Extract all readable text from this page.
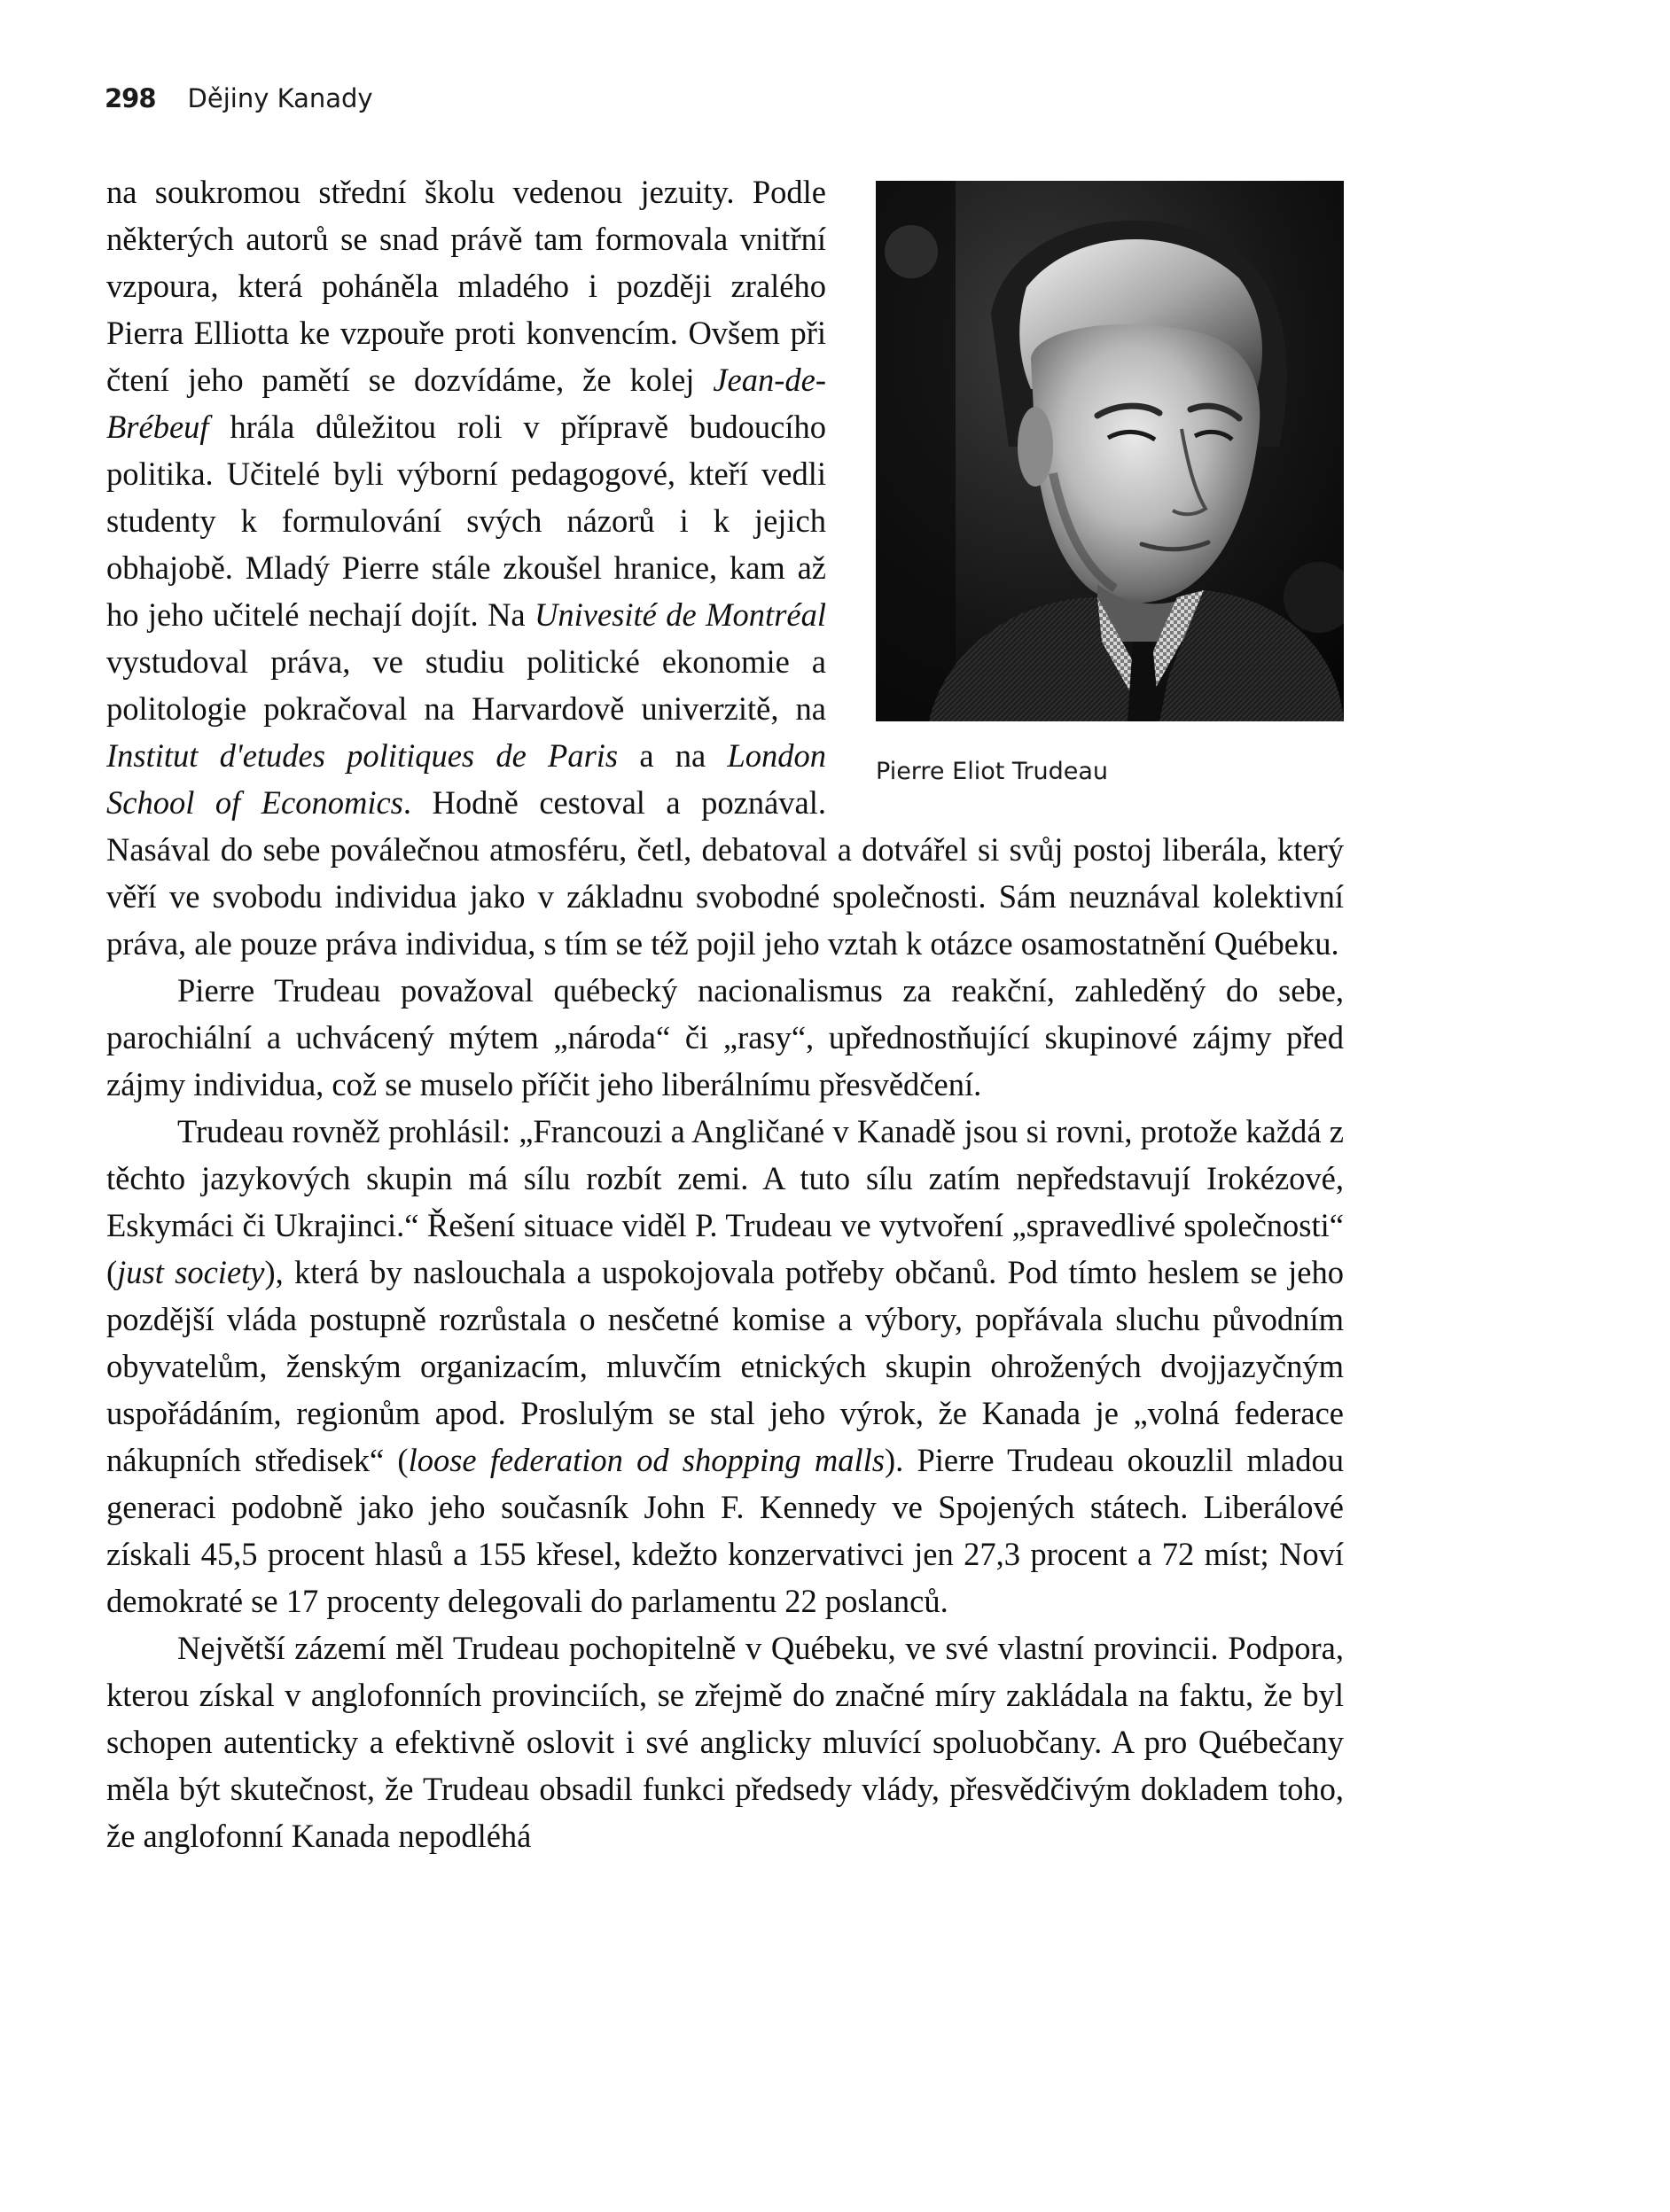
298 Dějiny Kanady
Pierre Eliot Trudeau

na soukromou střední školu vedenou jezuity. Podle některých autorů se snad právě tam formovala vnitřní vzpoura, která poháněla mladého i později zralého Pierra Elliotta ke vzpouře proti konvencím. Ovšem při čtení jeho pamětí se dozvídáme, že kolej Jean-de-Brébeuf hrála důležitou roli v přípravě budoucího politika. Učitelé byli výborní pedagogové, kteří vedli studenty k formulování svých názorů i k jejich obhajobě. Mladý Pierre stále zkoušel hranice, kam až ho jeho učitelé nechají dojít. Na Univesité de Montréal vystudoval práva, ve studiu politické ekonomie a politologie pokračoval na Harvardově univerzitě, na Institut d'etudes politiques de Paris a na London School of Economics. Hodně cestoval a poznával. Nasával do sebe poválečnou atmosféru, četl, debatoval a dotvářel si svůj postoj liberála, který věří ve svobodu individua jako v základnu svobodné společnosti. Sám neuznával kolektivní práva, ale pouze práva individua, s tím se též pojil jeho vztah k otázce osamostatnění Québeku.

Pierre Trudeau považoval québecký nacionalismus za reakční, zahleděný do sebe, parochiální a uchvácený mýtem „národa“ či „rasy“, upřednostňující skupinové zájmy před zájmy individua, což se muselo příčit jeho liberálnímu přesvědčení.

Trudeau rovněž prohlásil: „Francouzi a Angličané v Kanadě jsou si rovni, protože každá z těchto jazykových skupin má sílu rozbít zemi. A tuto sílu zatím nepředstavují Irokézové, Eskymáci či Ukrajinci.“ Řešení situace viděl P. Trudeau ve vytvoření „spravedlivé společnosti“ (just society), která by naslouchala a uspokojovala potřeby občanů. Pod tímto heslem se jeho pozdější vláda postupně rozrůstala o nesčetné komise a výbory, popřávala sluchu původním obyvatelům, ženským organizacím, mluvčím etnických skupin ohrožených dvojjazyčným uspořádáním, regionům apod. Proslulým se stal jeho výrok, že Kanada je „volná federace nákupních středisek“ (loose federation od shopping malls). Pierre Trudeau okouzlil mladou generaci podobně jako jeho současník John F. Kennedy ve Spojených státech. Liberálové získali 45,5 procent hlasů a 155 křesel, kdežto konzervativci jen 27,3 procent a 72 míst; Noví demokraté se 17 procenty delegovali do parlamentu 22 poslanců.

Největší zázemí měl Trudeau pochopitelně v Québeku, ve své vlastní provincii. Podpora, kterou získal v anglofonních provinciích, se zřejmě do značné míry zakládala na faktu, že byl schopen autenticky a efektivně oslovit i své anglicky mluvící spoluobčany. A pro Québečany měla být skutečnost, že Trudeau obsadil funkci předsedy vlády, přesvědčivým dokladem toho, že anglofonní Kanada nepodléhá
